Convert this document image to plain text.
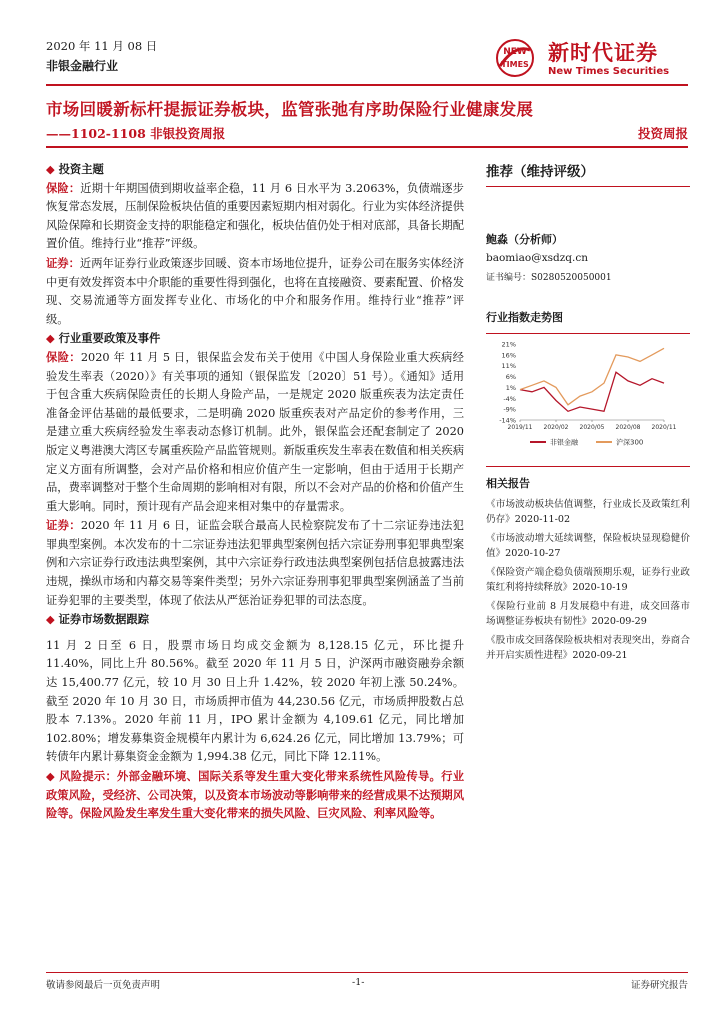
2020 年 11 月 08 日
非银金融行业
NEW
TIMES 新时代证券
New Times Securities
市场回暖新标杆提振证券板块，监管张弛有序助保险行业健康发展
——1102-1108 非银投资周报	投资周报

◆ 投资主题

保险：近期十年期国债到期收益率企稳，11 月 6 日水平为 3.2063%，负债端逐步恢复常态发展，压制保险板块估值的重要因素短期内相对弱化。行业为实体经济提供风险保障和长期资金支持的职能稳定和强化，板块估值仍处于相对底部，具备长期配置价值。维持行业“推荐”评级。

证券：近两年证券行业政策逐步回暖、资本市场地位提升，证券公司在服务实体经济中更有效发挥资本中介职能的重要性得到强化，也将在直接融资、要素配置、价格发现、交易流通等方面发挥专业化、市场化的中介和服务作用。维持行业“推荐”评级。

◆ 行业重要政策及事件

保险：2020 年 11 月 5 日，银保监会发布关于使用《中国人身保险业重大疾病经验发生率表（2020）》有关事项的通知（银保监发〔2020〕51 号）。《通知》适用于包含重大疾病保险责任的长期人身险产品，一是规定 2020 版重疾表为法定责任准备金评估基础的最低要求，二是明确 2020 版重疾表对产品定价的参考作用，三是建立重大疾病经验发生率表动态修订机制。此外，银保监会还配套制定了 2020 版定义粤港澳大湾区专属重疾险产品监管规则。新版重疾发生率表在数值和相关疾病定义方面有所调整，会对产品价格和相应价值产生一定影响，但由于适用于长期产品，费率调整对于整个生命周期的影响相对有限，所以不会对产品的价格和价值产生重大影响。同时，预计现有产品会迎来相对集中的存量需求。

证券：2020 年 11 月 6 日，证监会联合最高人民检察院发布了十二宗证券违法犯罪典型案例。本次发布的十二宗证券违法犯罪典型案例包括六宗证券刑事犯罪典型案例和六宗证券行政违法典型案例，其中六宗证券行政违法典型案例包括信息披露违法违规，操纵市场和内幕交易等案件类型；另外六宗证券刑事犯罪典型案例涵盖了当前证券犯罪的主要类型，体现了依法从严惩治证券犯罪的司法态度。

◆ 证券市场数据跟踪

11 月 2 日至 6 日，股票市场日均成交金额为 8,128.15 亿元，环比提升 11.40%，同比上升 80.56%。截至 2020 年 11 月 5 日，沪深两市融资融券余额达 15,400.77 亿元，较 10 月 30 日上升 1.42%，较 2020 年初上涨 50.24%。截至 2020 年 10 月 30 日，市场质押市值为 44,230.56 亿元，市场质押股数占总股本 7.13%。2020 年前 11 月，IPO 累计金额为 4,109.61 亿元，同比增加 102.80%；增发募集资金规模年内累计为 6,624.26 亿元，同比增加 13.79%；可转债年内累计募集资金金额为 1,994.38 亿元，同比下降 12.11%。

◆ 风险提示：外部金融环境、国际关系等发生重大变化带来系统性风险传导。行业政策风险，受经济、公司决策，以及资本市场波动等影响带来的经营成果不达预期风险等。保险风险发生率发生重大变化带来的损失风险、巨灾风险、利率风险等。

推荐（维持评级）

鲍淼（分析师）
baomiao@xsdzq.cn
证书编号：S0280520050001
行业指数走势图
21%
16%
11%
6%
1%
-4%
-9%
-14%
2019/11 2020/02 2020/05 2020/08 2020/11
非银金融	沪深300
相关报告

《市场波动板块估值调整，行业成长及政策红利仍存》2020-11-02

《市场波动增大延续调整，保险板块显现稳健价值》2020-10-27

《保险资产端企稳负债端预期乐观，证券行业政策红利将持续释放》2020-10-19

《保险行业前 8 月发展稳中有进，成交回落市场调整证券板块有韧性》2020-09-29

《股市成交回落保险板块相对表现突出，券商合并开启实质性进程》2020-09-21

敬请参阅最后一页免责声明	-1-	证券研究报告
